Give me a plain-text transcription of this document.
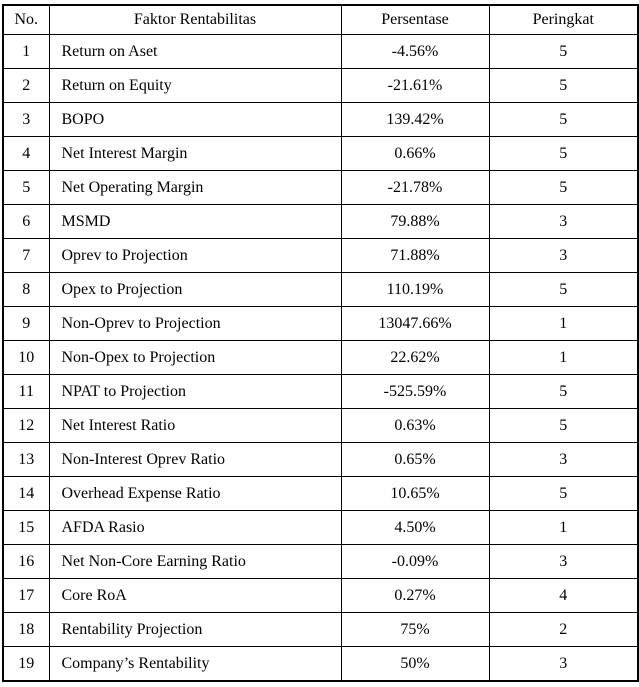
No.	Faktor Rentabilitas	Persentase	Peringkat
1	Return on Aset	-4.56%	5
2	Return on Equity	-21.61%	5
3	BOPO	139.42%	5
4	Net Interest Margin	0.66%	5
5	Net Operating Margin	-21.78%	5
6	MSMD	79.88%	3
7	Oprev to Projection	71.88%	3
8	Opex to Projection	110.19%	5
9	Non-Oprev to Projection	13047.66%	1
10	Non-Opex to Projection	22.62%	1
11	NPAT to Projection	-525.59%	5
12	Net Interest Ratio	0.63%	5
13	Non-Interest Oprev Ratio	0.65%	3
14	Overhead Expense Ratio	10.65%	5
15	AFDA Rasio	4.50%	1
16	Net Non-Core Earning Ratio	-0.09%	3
17	Core RoA	0.27%	4
18	Rentability Projection	75%	2
19	Company’s Rentability	50%	3
